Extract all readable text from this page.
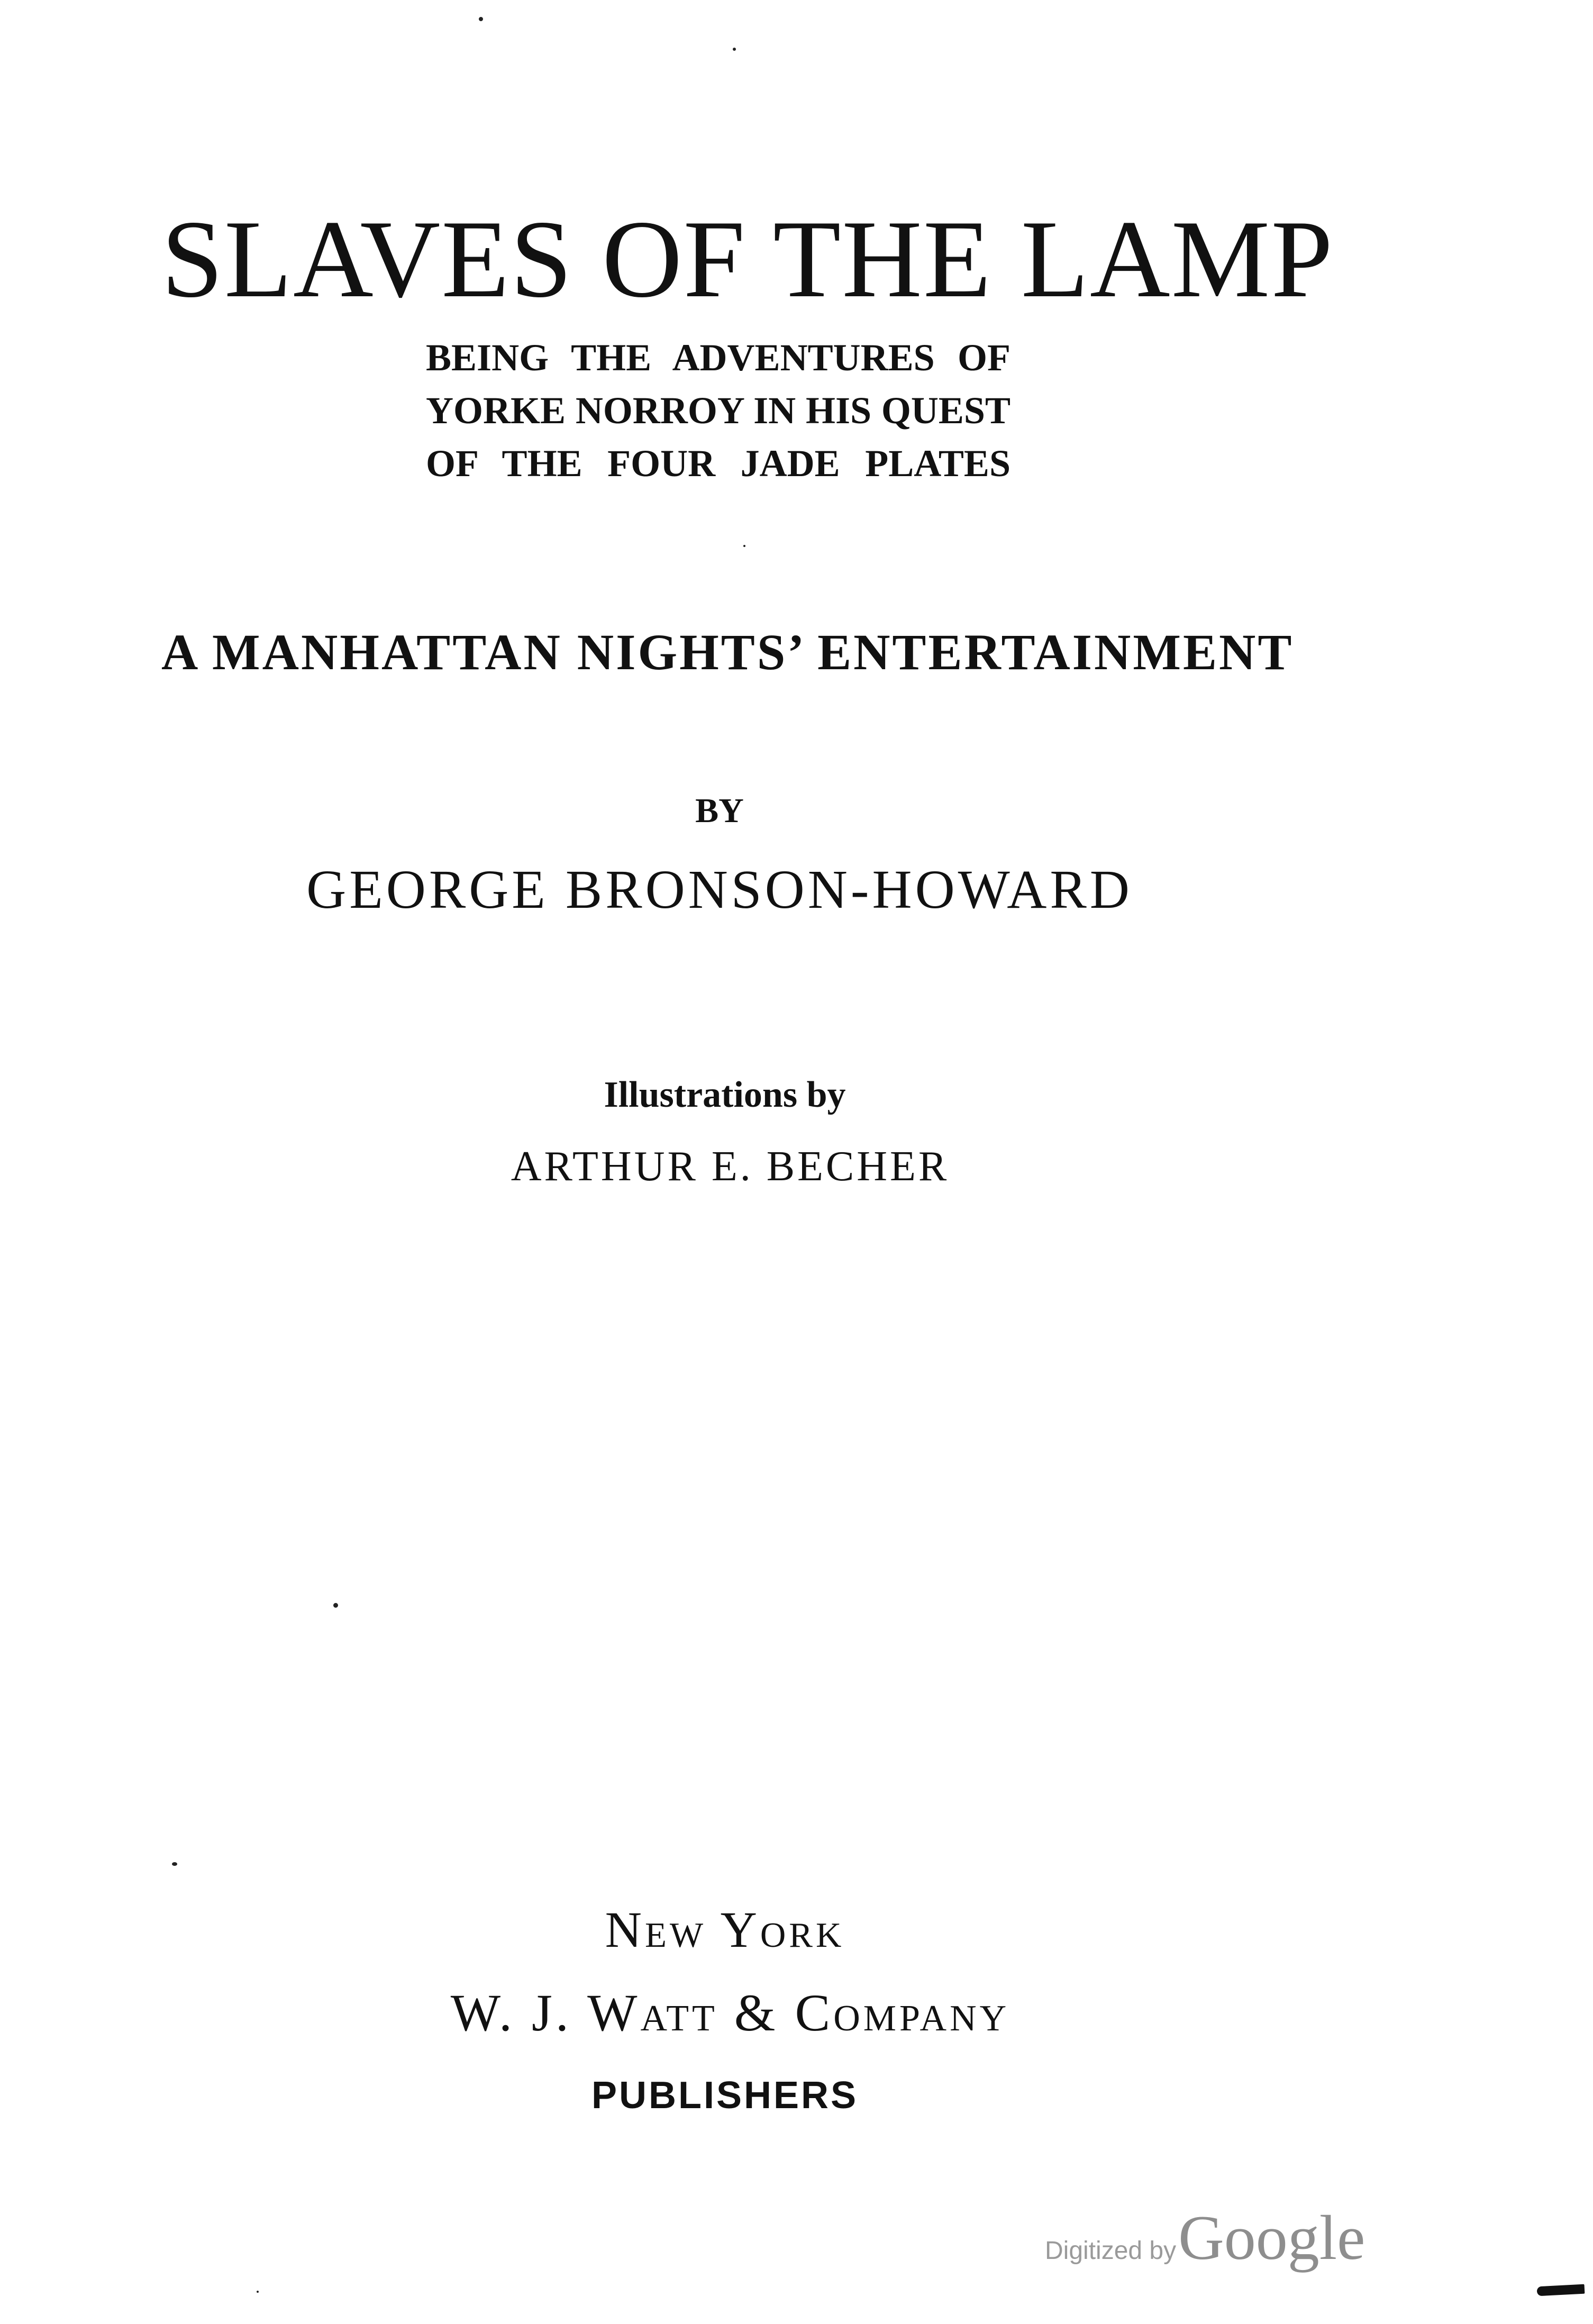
SLAVES OF THE LAMP
BEING THE ADVENTURES OF
YORKE NORROY IN HIS QUEST
OF THE FOUR JADE PLATES
A MANHATTAN NIGHTS’ ENTERTAINMENT
BY
GEORGE BRONSON-HOWARD
Illustrations by
ARTHUR E. BECHER
New York
W. J. Watt & Company
PUBLISHERS
Digitized by Google
